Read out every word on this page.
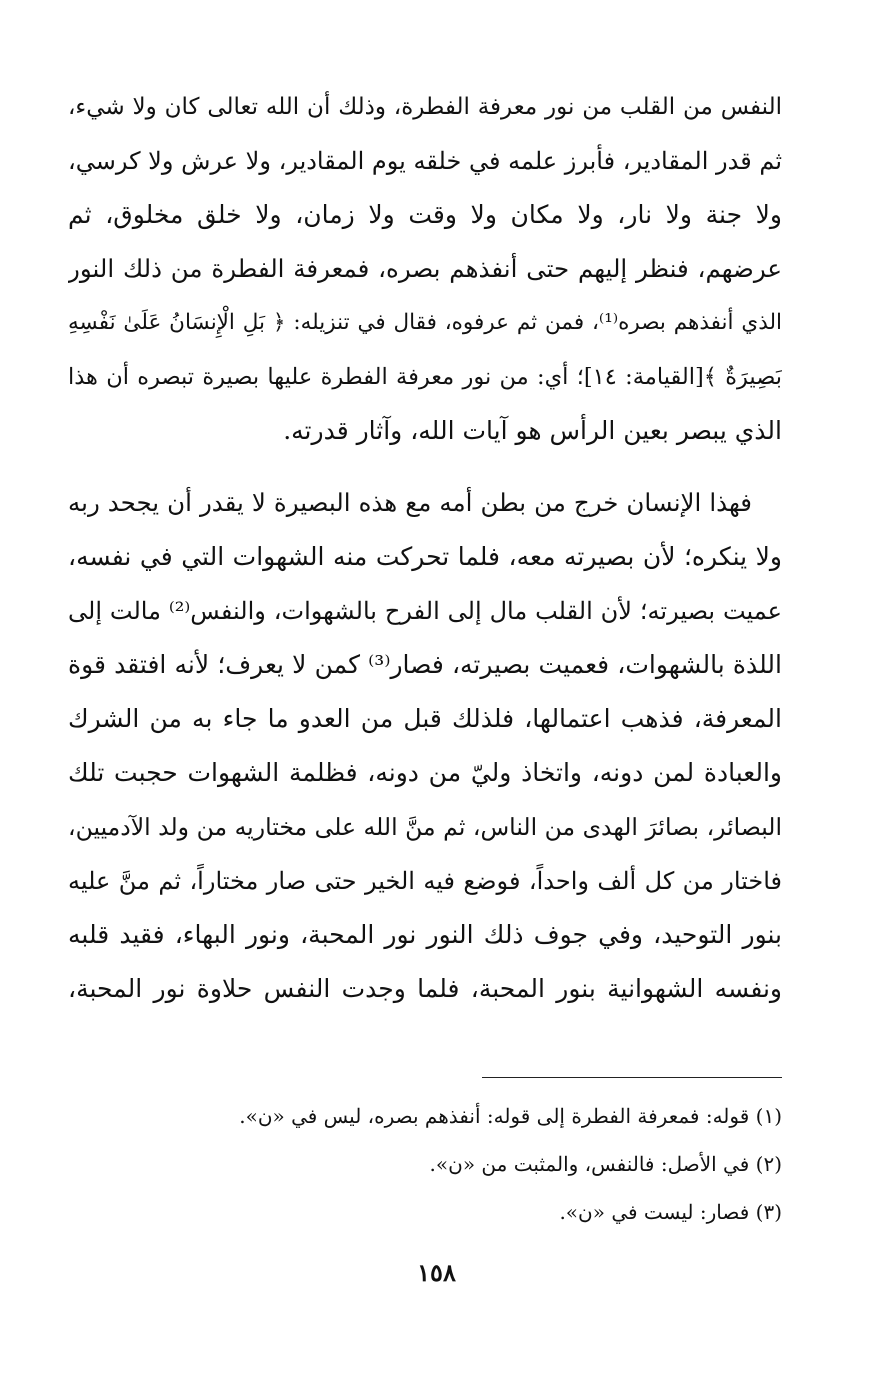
النفس من القلب من نور معرفة الفطرة، وذلك أن الله تعالى كان ولا شيء،
ثم قدر المقادير، فأبرز علمه في خلقه يوم المقادير، ولا عرش ولا كرسي،
ولا جنة ولا نار، ولا مكان ولا وقت ولا زمان، ولا خلق مخلوق، ثم
عرضهم، فنظر إليهم حتى أنفذهم بصره، فمعرفة الفطرة من ذلك النور
الذي أنفذهم بصره⁽¹⁾، فمن ثم عرفوه، فقال في تنزيله: ﴿ بَلِ الْإِنسَانُ عَلَىٰ نَفْسِهِ
بَصِيرَةٌ ﴾[القيامة: ١٤]؛ أي: من نور معرفة الفطرة عليها بصيرة تبصره أن هذا
الذي يبصر بعين الرأس هو آيات الله، وآثار قدرته.
فهذا الإنسان خرج من بطن أمه مع هذه البصيرة لا يقدر أن يجحد ربه
ولا ينكره؛ لأن بصيرته معه، فلما تحركت منه الشهوات التي في نفسه،
عميت بصيرته؛ لأن القلب مال إلى الفرح بالشهوات، والنفس⁽²⁾ مالت إلى
اللذة بالشهوات، فعميت بصيرته، فصار⁽³⁾ كمن لا يعرف؛ لأنه افتقد قوة
المعرفة، فذهب اعتمالها، فلذلك قبل من العدو ما جاء به من الشرك
والعبادة لمن دونه، واتخاذ وليّ من دونه، فظلمة الشهوات حجبت تلك
البصائر، بصائرَ الهدى من الناس، ثم منَّ الله على مختاريه من ولد الآدميين،
فاختار من كل ألف واحداً، فوضع فيه الخير حتى صار مختاراً، ثم منَّ عليه
بنور التوحيد، وفي جوف ذلك النور نور المحبة، ونور البهاء، فقيد قلبه
ونفسه الشهوانية بنور المحبة، فلما وجدت النفس حلاوة نور المحبة،
(١) قوله: فمعرفة الفطرة إلى قوله: أنفذهم بصره، ليس في «ن».
(٢) في الأصل: فالنفس، والمثبت من «ن».
(٣) فصار: ليست في «ن».
١٥٨
